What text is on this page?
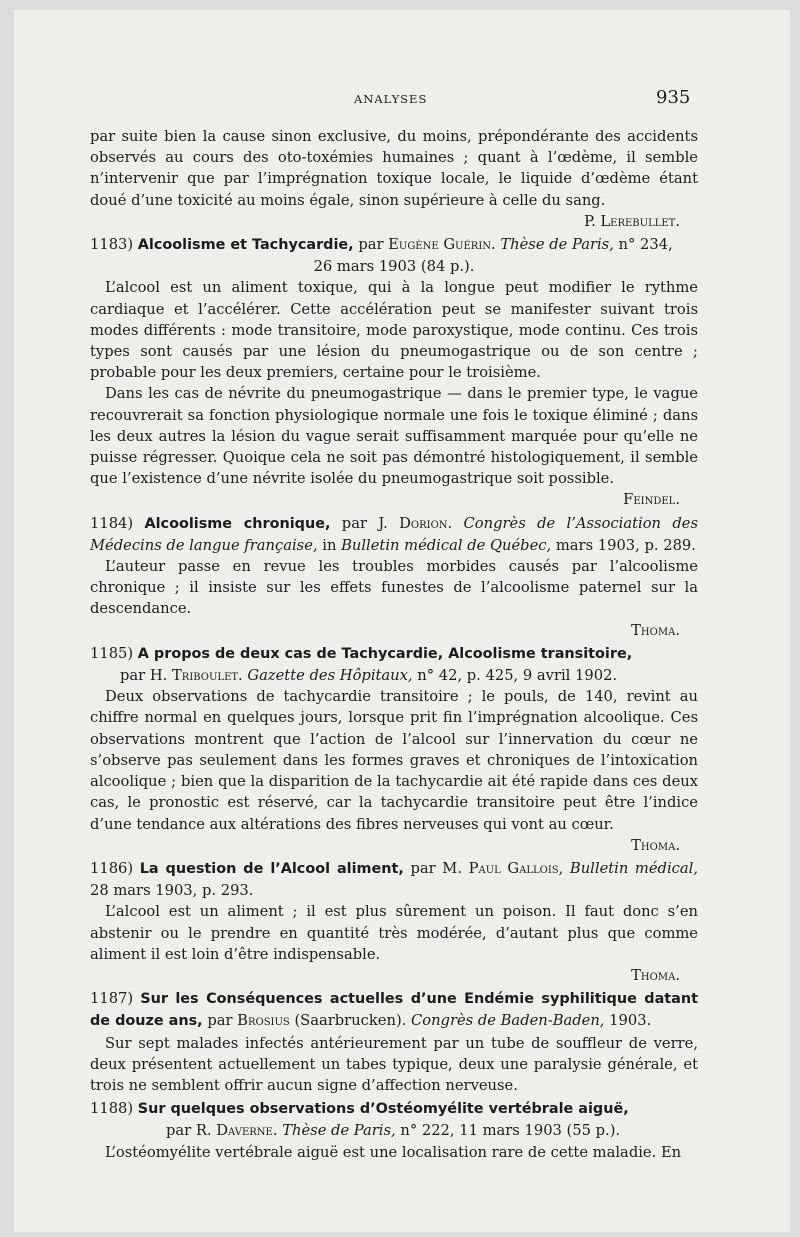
ANALYSES	935

par suite bien la cause sinon exclusive, du moins, prépondérante des accidents observés au cours des oto-toxémies humaines ; quant à l’œdème, il semble n’intervenir que par l’imprégnation toxique locale, le liquide d’œdème étant doué d’une toxicité au moins égale, sinon supérieure à celle du sang.

P. Lerebullet.

1183) Alcoolisme et Tachycardie, par Eugène Guérin. Thèse de Paris, n° 234,
26 mars 1903 (84 p.).

L’alcool est un aliment toxique, qui à la longue peut modifier le rythme cardiaque et l’accélérer. Cette accélération peut se manifester suivant trois modes différents : mode transitoire, mode paroxystique, mode continu. Ces trois types sont causés par une lésion du pneumogastrique ou de son centre ; probable pour les deux premiers, certaine pour le troisième.

Dans les cas de névrite du pneumogastrique — dans le premier type, le vague recouvrerait sa fonction physiologique normale une fois le toxique éliminé ; dans les deux autres la lésion du vague serait suffisamment marquée pour qu’elle ne puisse régresser. Quoique cela ne soit pas démontré histologiquement, il semble que l’existence d’une névrite isolée du pneumogastrique soit possible.

Feindel.

1184) Alcoolisme chronique, par J. Dorion. Congrès de l’Association des Médecins de langue française, in Bulletin médical de Québec, mars 1903, p. 289.

L’auteur passe en revue les troubles morbides causés par l’alcoolisme chronique ; il insiste sur les effets funestes de l’alcoolisme paternel sur la descendance.

Thoma.

1185) A propos de deux cas de Tachycardie, Alcoolisme transitoire,
par H. Triboulet. Gazette des Hôpitaux, n° 42, p. 425, 9 avril 1902.

Deux observations de tachycardie transitoire ; le pouls, de 140, revint au chiffre normal en quelques jours, lorsque prit fin l’imprégnation alcoolique. Ces observations montrent que l’action de l’alcool sur l’innervation du cœur ne s’observe pas seulement dans les formes graves et chroniques de l’intoxication alcoolique ; bien que la disparition de la tachycardie ait été rapide dans ces deux cas, le pronostic est réservé, car la tachycardie transitoire peut être l’indice d’une tendance aux altérations des fibres nerveuses qui vont au cœur.

Thoma.

1186) La question de l’Alcool aliment, par M. Paul Gallois, Bulletin médical, 28 mars 1903, p. 293.

L’alcool est un aliment ; il est plus sûrement un poison. Il faut donc s’en abstenir ou le prendre en quantité très modérée, d’autant plus que comme aliment il est loin d’être indispensable.

Thoma.

1187) Sur les Conséquences actuelles d’une Endémie syphilitique datant de douze ans, par Brosius (Saarbrucken). Congrès de Baden-Baden, 1903.

Sur sept malades infectés antérieurement par un tube de souffleur de verre, deux présentent actuellement un tabes typique, deux une paralysie générale, et trois ne semblent offrir aucun signe d’affection nerveuse.

1188) Sur quelques observations d’Ostéomyélite vertébrale aiguë,
par R. Daverne. Thèse de Paris, n° 222, 11 mars 1903 (55 p.).

L’ostéomyélite vertébrale aiguë est une localisation rare de cette maladie. En
